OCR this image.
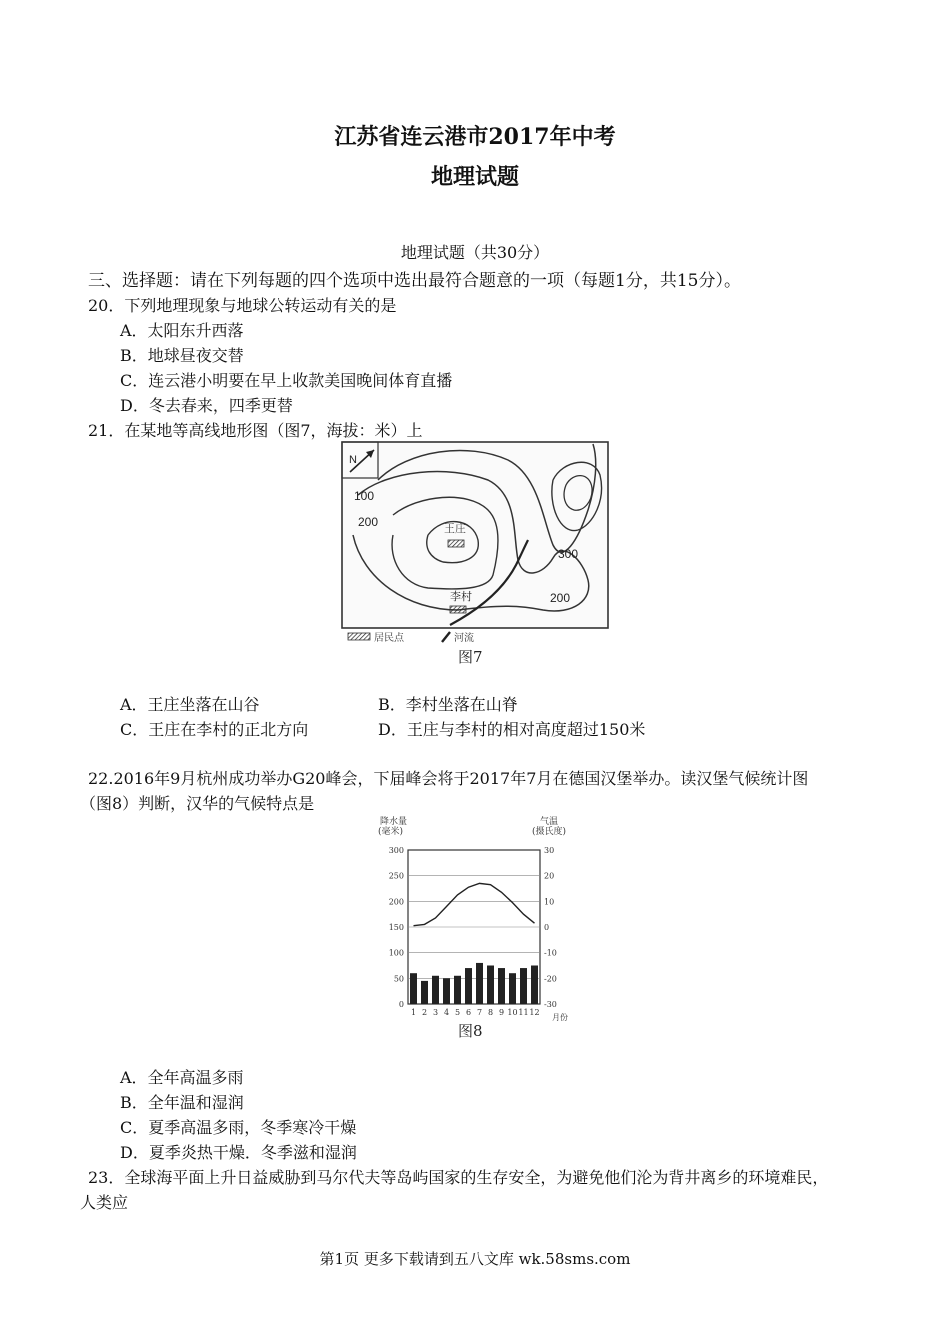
江苏省连云港市2017年中考
地理试题
地理试题（共30分）
三、选择题：请在下列每题的四个选项中选出最符合题意的一项（每题1分，共15分）。
20．下列地理现象与地球公转运动有关的是
A．太阳东升西落
B．地球昼夜交替
C．连云港小明要在早上收款美国晚间体育直播
D．冬去春来，四季更替
21．在某地等高线地形图（图7，海拔：米）上
N
100
200
300
200
王庄
李村
居民点	河流
图7
A．王庄坐落在山谷	B．李村坐落在山脊
C．王庄在李村的正北方向	D．王庄与李村的相对高度超过150米
22.2016年9月杭州成功举办G20峰会，下届峰会将于2017年7月在德国汉堡举办。读汉堡气候统计图
（图8）判断，汉华的气候特点是
降水量
(毫米)
气温
(摄氏度)
300	30
250	20
200	10
150	0
100	-10
50	-20
0	-30
1 2 3 4 5 6 7 8 9 10 11 12
月份
图8
A．全年高温多雨
B．全年温和湿润
C．夏季高温多雨，冬季寒冷干燥
D．夏季炎热干燥．冬季滋和湿润
23．全球海平面上升日益威胁到马尔代夫等岛屿国家的生存安全，为避免他们沦为背井离乡的环境难民，
人类应
第1页 更多下载请到五八文库 wk.58sms.com
